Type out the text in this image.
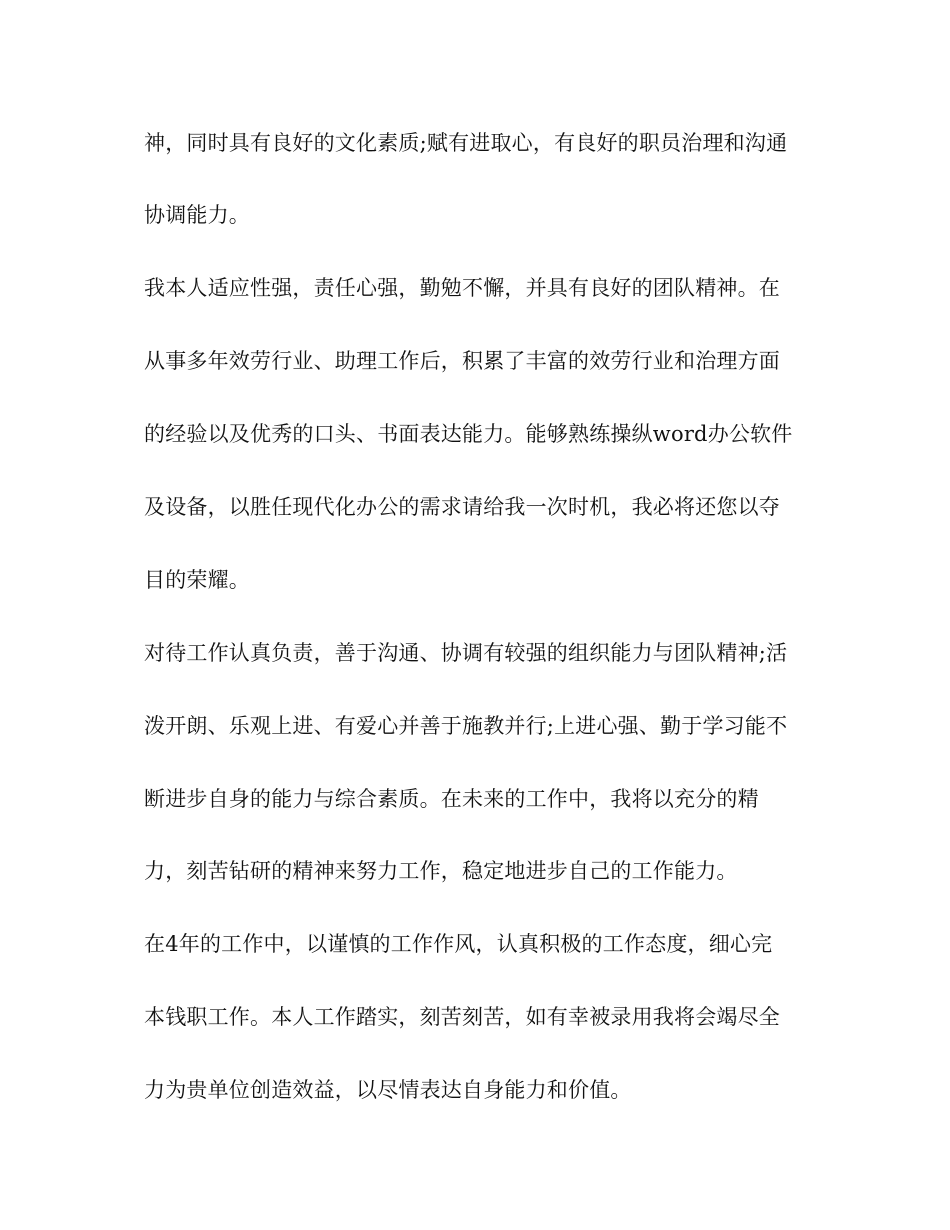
神，同时具有良好的文化素质;赋有进取心，有良好的职员治理和沟通
协调能力。
我本人适应性强，责任心强，勤勉不懈，并具有良好的团队精神。在
从事多年效劳行业、助理工作后，积累了丰富的效劳行业和治理方面
的经验以及优秀的口头、书面表达能力。能够熟练操纵word办公软件
及设备，以胜任现代化办公的需求请给我一次时机，我必将还您以夺
目的荣耀。
对待工作认真负责，善于沟通、协调有较强的组织能力与团队精神;活
泼开朗、乐观上进、有爱心并善于施教并行;上进心强、勤于学习能不
断进步自身的能力与综合素质。在未来的工作中，我将以充分的精
力，刻苦钻研的精神来努力工作，稳定地进步自己的工作能力。
在4年的工作中，以谨慎的工作作风，认真积极的工作态度，细心完
本钱职工作。本人工作踏实，刻苦刻苦，如有幸被录用我将会竭尽全
力为贵单位创造效益，以尽情表达自身能力和价值。
